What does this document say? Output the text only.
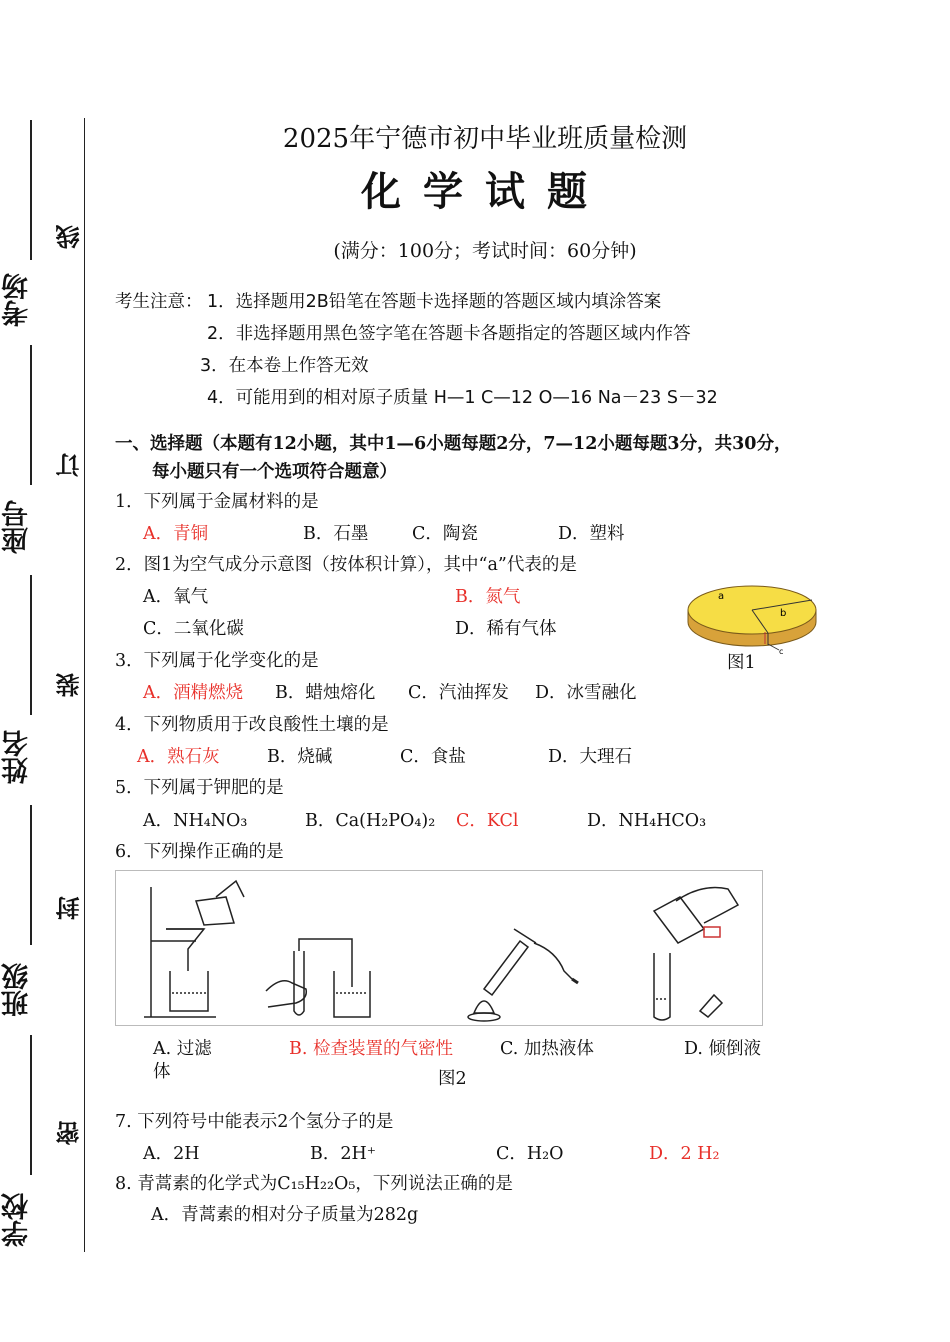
考场
座号
姓名
班级
学校
线
订
装
封
密
2025年宁德市初中毕业班质量检测
化学试题
(满分：100分；考试时间：60分钟)
考生注意： 1．选择题用2B铅笔在答题卡选择题的答题区域内填涂答案
2．非选择题用黑色签字笔在答题卡各题指定的答题区域内作答
3．在本卷上作答无效
4．可能用到的相对原子质量 H—1 C—12 O—16 Na－23 S－32
一、选择题（本题有12小题，其中1—6小题每题2分，7—12小题每题3分，共30分，
每小题只有一个选项符合题意）
1．下列属于金属材料的是
A．青铜	B．石墨 C．陶瓷	D．塑料
2．图1为空气成分示意图（按体积计算），其中“a”代表的是
A．氧气	B．氮气
C．二氧化碳	D．稀有气体
a
b
c
图1
3．下列属于化学变化的是
A．酒精燃烧 B．蜡烛熔化 C．汽油挥发 D．冰雪融化
4．下列物质用于改良酸性土壤的是
A．熟石灰	B．烧碱	C．食盐	D．大理石
5．下列属于钾肥的是
A．NH₄NO₃	B．Ca(H₂PO₄)₂ C．KCl	D．NH₄HCO₃
6．下列操作正确的是
A. 过滤
体
B. 检查装置的气密性	C. 加热液体	D. 倾倒液
图2
7. 下列符号中能表示2个氢分子的是
A．2H	B．2H⁺	C．H₂O	D．2 H₂
8. 青蒿素的化学式为C₁₅H₂₂O₅，下列说法正确的是
A．青蒿素的相对分子质量为282g
